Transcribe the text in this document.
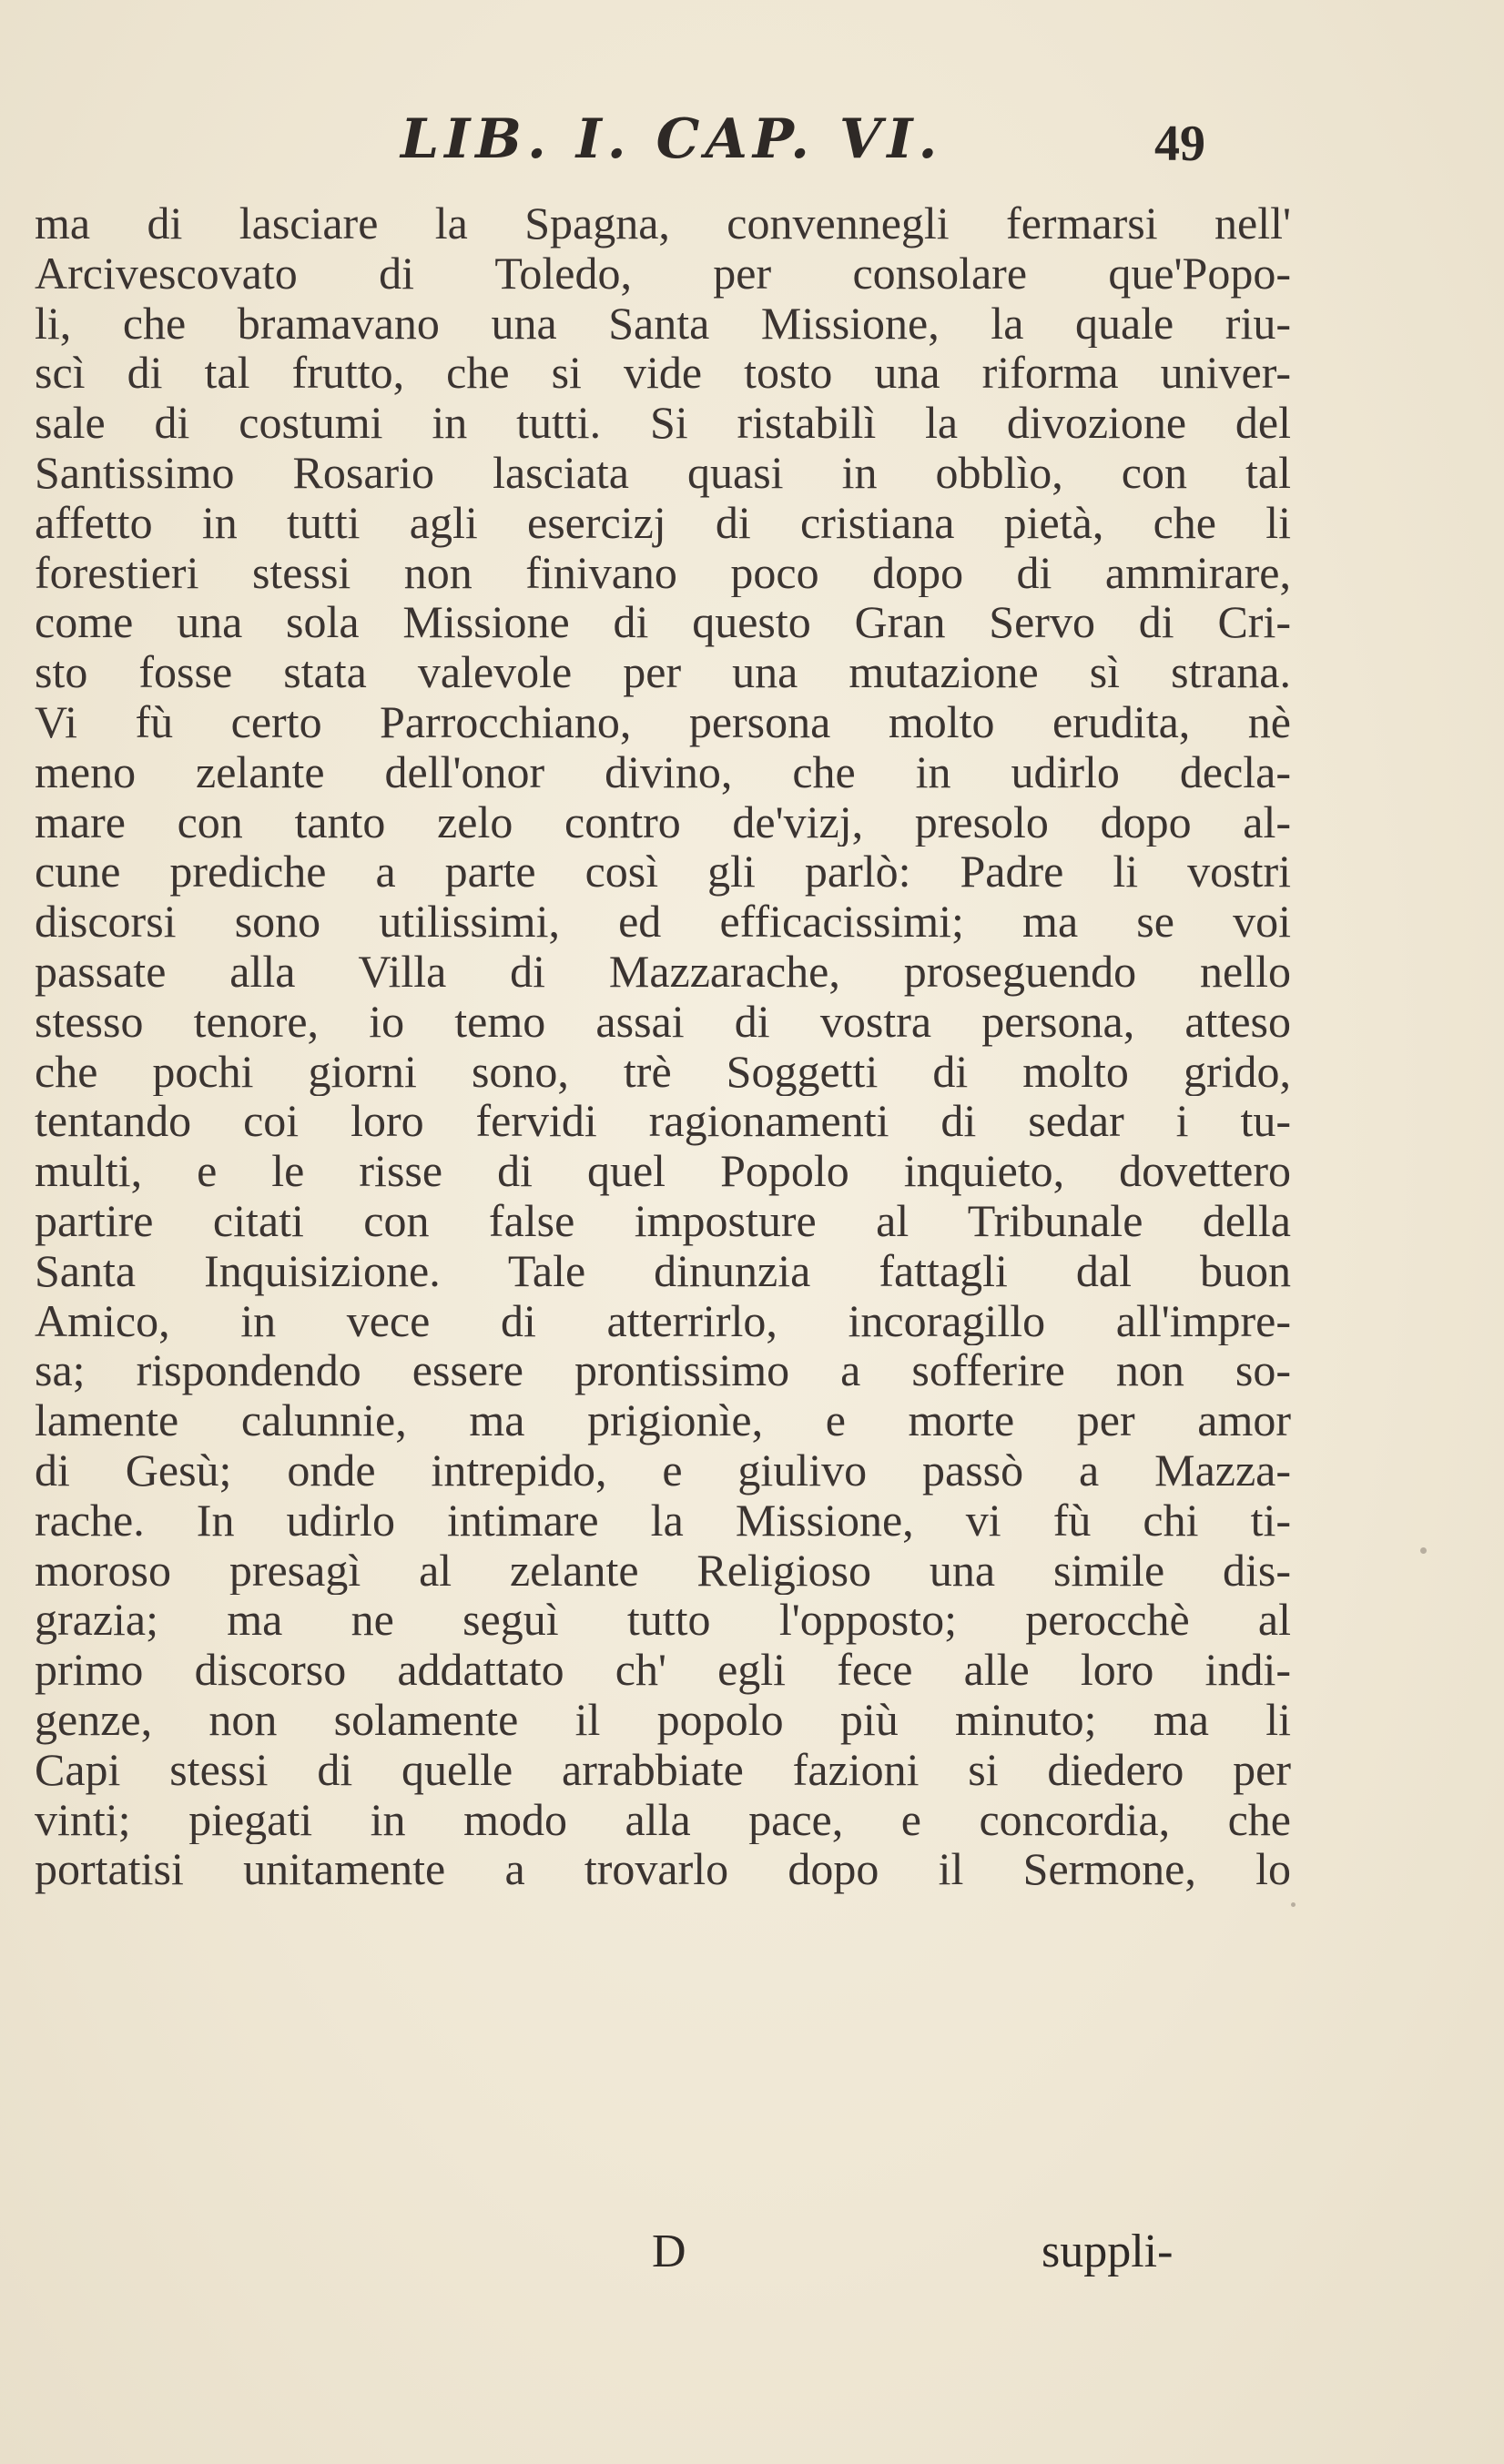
LIB. I. CAP. VI.	49
ma di lasciare la Spagna, convennegli fermarsi nell'
Arcivescovato di Toledo, per consolare que'Popo-
li, che bramavano una Santa Missione, la quale riu-
scì di tal frutto, che si vide tosto una riforma univer-
sale di costumi in tutti. Si ristabilì la divozione del
Santissimo Rosario lasciata quasi in obblìo, con tal
affetto in tutti agli esercizj di cristiana pietà, che li
forestieri stessi non finivano poco dopo di ammirare,
come una sola Missione di questo Gran Servo di Cri-
sto fosse stata valevole per una mutazione sì strana.
Vi fù certo Parrocchiano, persona molto erudita, nè
meno zelante dell'onor divino, che in udirlo decla-
mare con tanto zelo contro de'vizj, presolo dopo al-
cune prediche a parte così gli parlò: Padre li vostri
discorsi sono utilissimi, ed efficacissimi; ma se voi
passate alla Villa di Mazzarache, proseguendo nello
stesso tenore, io temo assai di vostra persona, atteso
che pochi giorni sono, trè Soggetti di molto grido,
tentando coi loro fervidi ragionamenti di sedar i tu-
multi, e le risse di quel Popolo inquieto, dovettero
partire citati con false imposture al Tribunale della
Santa Inquisizione. Tale dinunzia fattagli dal buon
Amico, in vece di atterrirlo, incoragillo all'impre-
sa; rispondendo essere prontissimo a sofferire non so-
lamente calunnie, ma prigionìe, e morte per amor
di Gesù; onde intrepido, e giulivo passò a Mazza-
rache. In udirlo intimare la Missione, vi fù chi ti-
moroso presagì al zelante Religioso una simile dis-
grazia; ma ne seguì tutto l'opposto; perocchè al
primo discorso addattato ch' egli fece alle loro indi-
genze, non solamente il popolo più minuto; ma li
Capi stessi di quelle arrabbiate fazioni si diedero per
vinti; piegati in modo alla pace, e concordia, che
portatisi unitamente a trovarlo dopo il Sermone, lo
D	suppli-
